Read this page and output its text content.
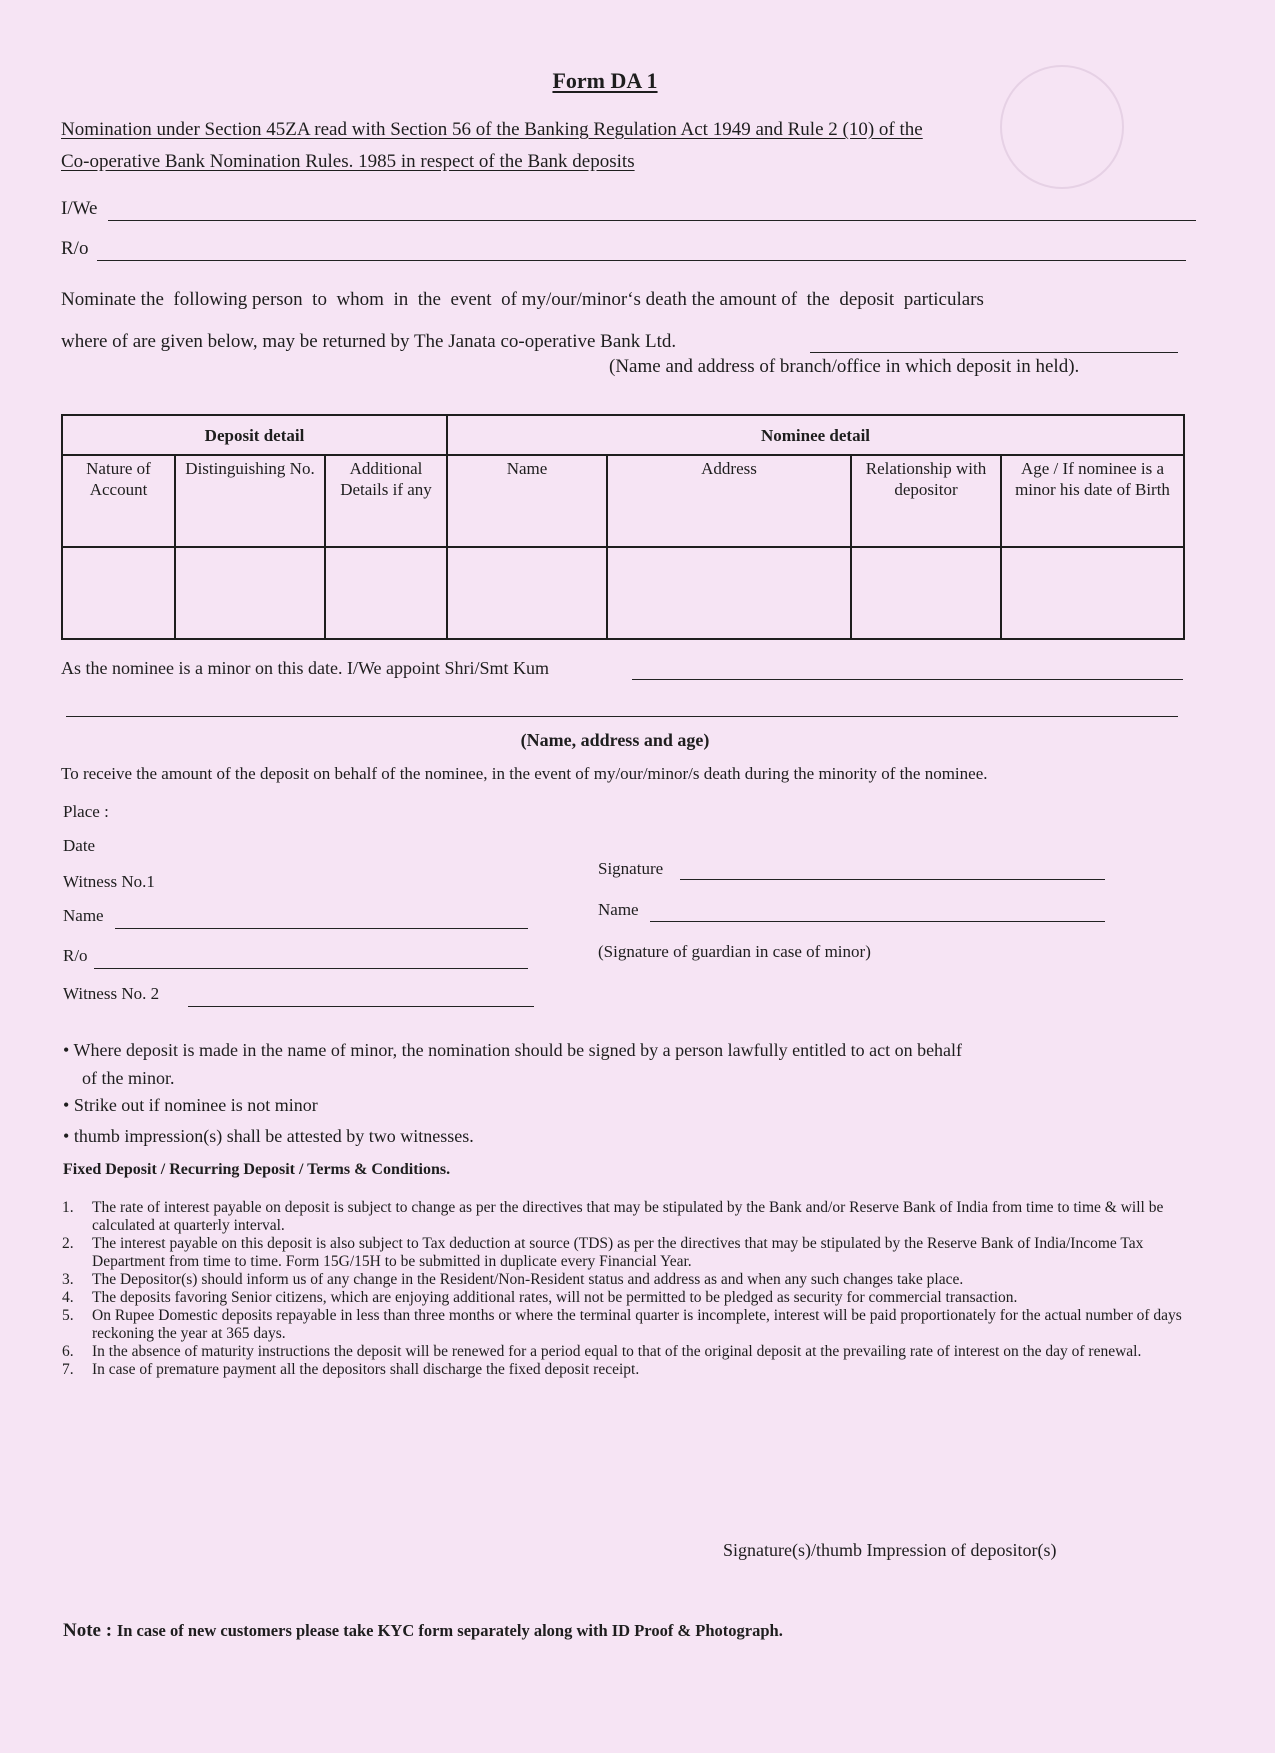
Form DA 1
Nomination under Section 45ZA read with Section 56 of the Banking Regulation Act 1949 and Rule 2 (10) of the
Co-operative Bank Nomination Rules. 1985 in respect of the Bank deposits
I/We
R/o
Nominate the  following person  to  whom  in  the  event  of my/our/minor‘s death the amount of  the  deposit  particulars
where of are given below, may be returned by The Janata co-operative Bank Ltd.
(Name and address of branch/office in which deposit in held).
Deposit detail			Nominee detail			
Nature of Account	Distinguishing No.	Additional Details if any	Name	Address	Relationship with depositor	Age / If nominee is a minor his date of Birth

As the nominee is a minor on this date. I/We appoint Shri/Smt Kum
(Name, address and age)
To receive the amount of the deposit on behalf of the nominee, in the event of my/our/minor/s death during the minority of the nominee.
Place :
Date
Witness No.1
Name
R/o
Witness No. 2
Signature
Name
(Signature of guardian in case of minor)
• Where deposit is made in the name of minor, the nomination should be signed by a person lawfully entitled to act on behalf
of the minor.
• Strike out if nominee is not minor
• thumb impression(s) shall be attested by two witnesses.
Fixed Deposit / Recurring Deposit / Terms & Conditions.
1. The rate of interest payable on deposit is subject to change as per the directives that may be stipulated by the Bank and/or Reserve Bank of India from time to time & will be calculated at quarterly interval.
2. The interest payable on this deposit is also subject to Tax deduction at source (TDS) as per the directives that may be stipulated by the Reserve Bank of India/Income Tax Department from time to time. Form 15G/15H to be submitted in duplicate every Financial Year.
3. The Depositor(s) should inform us of any change in the Resident/Non-Resident status and address as and when any such changes take place.
4. The deposits favoring Senior citizens, which are enjoying additional rates, will not be permitted to be pledged as security for commercial transaction.
5. On Rupee Domestic deposits repayable in less than three months or where the terminal quarter is incomplete, interest will be paid proportionately for the actual number of days reckoning the year at 365 days.
6. In the absence of maturity instructions the deposit will be renewed for a period equal to that of the original deposit at the prevailing rate of interest on the day of renewal.
7. In case of premature payment all the depositors shall discharge the fixed deposit receipt.
Signature(s)/thumb Impression of depositor(s)
Note : In case of new customers please take KYC form separately along with ID Proof & Photograph.
